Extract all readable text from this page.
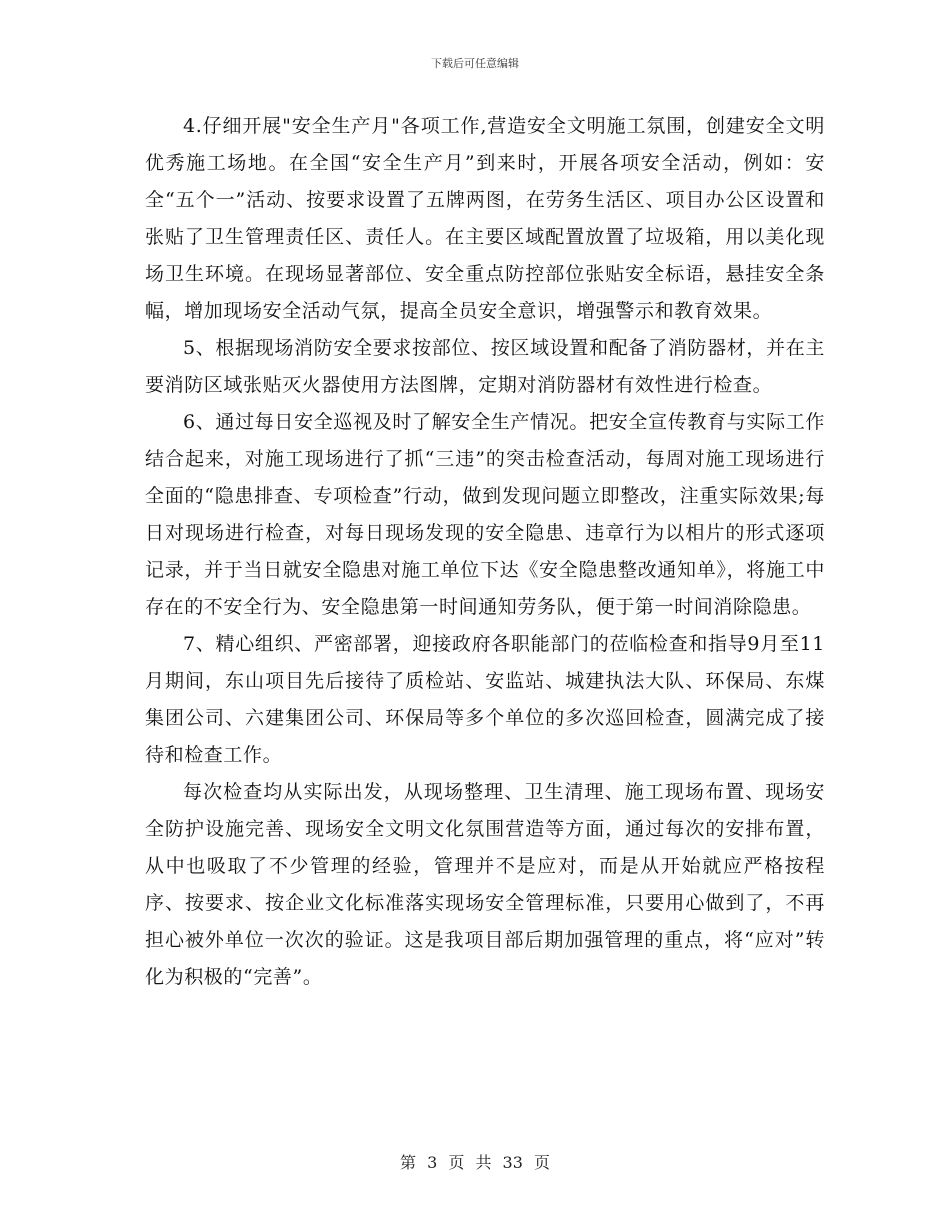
下载后可任意编辑

4.仔细开展"安全生产月"各项工作,营造安全文明施工氛围，创建安全文明优秀施工场地。在全国“安全生产月”到来时，开展各项安全活动，例如：安全“五个一”活动、按要求设置了五牌两图，在劳务生活区、项目办公区设置和张贴了卫生管理责任区、责任人。在主要区域配置放置了垃圾箱，用以美化现场卫生环境。在现场显著部位、安全重点防控部位张贴安全标语，悬挂安全条幅，增加现场安全活动气氛，提高全员安全意识，增强警示和教育效果。

5、根据现场消防安全要求按部位、按区域设置和配备了消防器材，并在主要消防区域张贴灭火器使用方法图牌，定期对消防器材有效性进行检查。

6、通过每日安全巡视及时了解安全生产情况。把安全宣传教育与实际工作结合起来，对施工现场进行了抓“三违”的突击检查活动，每周对施工现场进行全面的“隐患排查、专项检查”行动，做到发现问题立即整改，注重实际效果;每日对现场进行检查，对每日现场发现的安全隐患、违章行为以相片的形式逐项记录，并于当日就安全隐患对施工单位下达《安全隐患整改通知单》，将施工中存在的不安全行为、安全隐患第一时间通知劳务队，便于第一时间消除隐患。

7、精心组织、严密部署，迎接政府各职能部门的莅临检查和指导9月至11月期间，东山项目先后接待了质检站、安监站、城建执法大队、环保局、东煤集团公司、六建集团公司、环保局等多个单位的多次巡回检查，圆满完成了接待和检查工作。

每次检查均从实际出发，从现场整理、卫生清理、施工现场布置、现场安全防护设施完善、现场安全文明文化氛围营造等方面，通过每次的安排布置，从中也吸取了不少管理的经验，管理并不是应对，而是从开始就应严格按程序、按要求、按企业文化标准落实现场安全管理标准，只要用心做到了，不再担心被外单位一次次的验证。这是我项目部后期加强管理的重点，将“应对”转化为积极的“完善”。

第 3 页 共 33 页
